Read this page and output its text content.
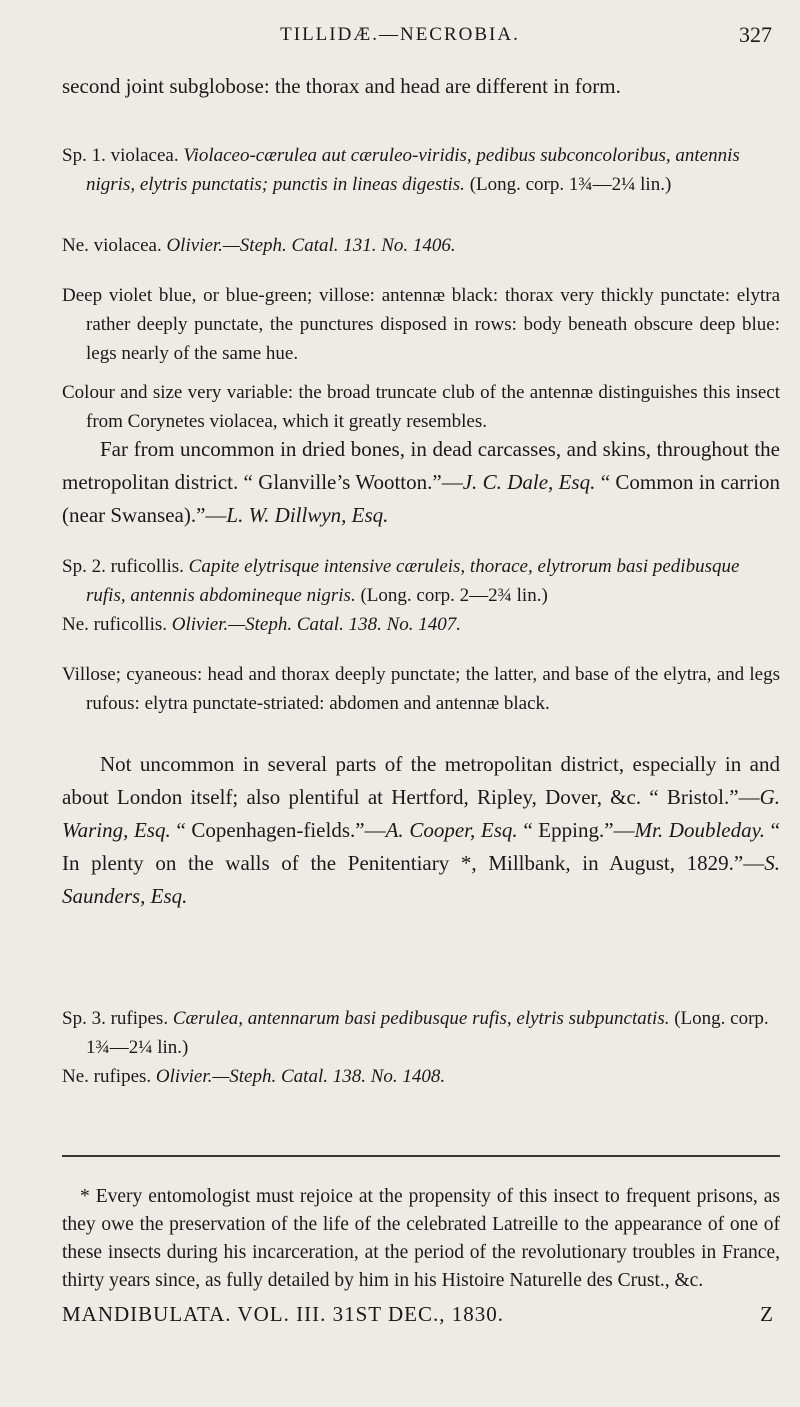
TILLIDÆ.—NECROBIA.	327

second joint subglobose: the thorax and head are different in form.

Sp. 1. violacea. Violaceo-cærulea aut cæruleo-viridis, pedibus subconcoloribus, antennis nigris, elytris punctatis; punctis in lineas digestis. (Long. corp. 1¾—2¼ lin.)

Ne. violacea. Olivier.—Steph. Catal. 131. No. 1406.

Deep violet blue, or blue-green; villose: antennæ black: thorax very thickly punctate: elytra rather deeply punctate, the punctures disposed in rows: body beneath obscure deep blue: legs nearly of the same hue.

Colour and size very variable: the broad truncate club of the antennæ distinguishes this insect from Corynetes violacea, which it greatly resembles.

Far from uncommon in dried bones, in dead carcasses, and skins, throughout the metropolitan district. “ Glanville’s Wootton.”—J. C. Dale, Esq. “ Common in carrion (near Swansea).”—L. W. Dillwyn, Esq.

Sp. 2. ruficollis. Capite elytrisque intensive cæruleis, thorace, elytrorum basi pedibusque rufis, antennis abdomineque nigris. (Long. corp. 2—2¾ lin.)

Ne. ruficollis. Olivier.—Steph. Catal. 138. No. 1407.

Villose; cyaneous: head and thorax deeply punctate; the latter, and base of the elytra, and legs rufous: elytra punctate-striated: abdomen and antennæ black.

Not uncommon in several parts of the metropolitan district, especially in and about London itself; also plentiful at Hertford, Ripley, Dover, &c. “ Bristol.”—G. Waring, Esq. “ Copenhagen-fields.”—A. Cooper, Esq. “ Epping.”—Mr. Doubleday. “ In plenty on the walls of the Penitentiary *, Millbank, in August, 1829.”—S. Saunders, Esq.

Sp. 3. rufipes. Cærulea, antennarum basi pedibusque rufis, elytris subpunctatis. (Long. corp. 1¾—2¼ lin.)

Ne. rufipes. Olivier.—Steph. Catal. 138. No. 1408.

* Every entomologist must rejoice at the propensity of this insect to frequent prisons, as they owe the preservation of the life of the celebrated Latreille to the appearance of one of these insects during his incarceration, at the period of the revolutionary troubles in France, thirty years since, as fully detailed by him in his Histoire Naturelle des Crust., &c.

MANDIBULATA. VOL. III. 31ST DEC., 1830.	Z
